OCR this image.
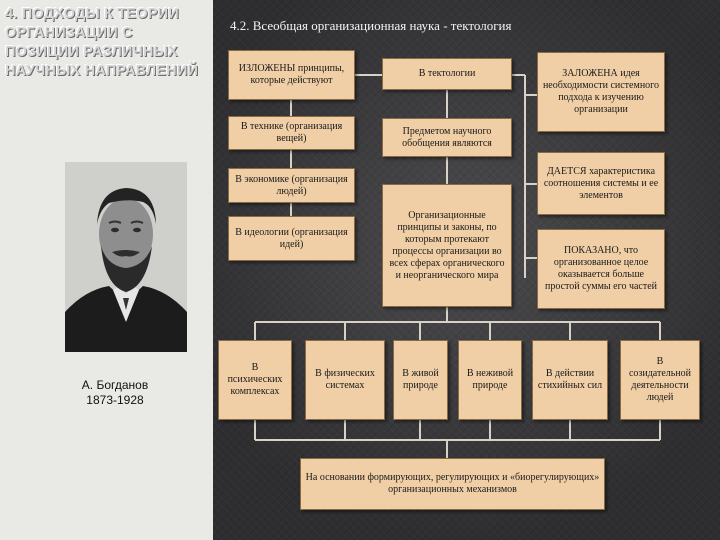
4. ПОДХОДЫ К ТЕОРИИ ОРГАНИЗАЦИИ С ПОЗИЦИИ РАЗЛИЧНЫХ НАУЧНЫХ НАПРАВЛЕНИЙ
А. Богданов
1873-1928
4.2. Всеобщая организационная наука - тектология
ИЗЛОЖЕНЫ принципы, которые действуют
В технике (организация вещей)
В экономике (организация людей)
В идеологии (организация идей)
В тектологии
Предметом научного обобщения являются
Организационные принципы и законы, по которым протекают процессы организации во всех сферах органического и неорганического мира
ЗАЛОЖЕНА идея необходимости системного подхода к изучению организации
ДАЕТСЯ характеристика соотношения системы и ее элементов
ПОКАЗАНО, что организованное целое оказывается больше простой суммы его частей
В психических комплексах
В физических системах
В живой природе
В неживой природе
В действии стихийных сил
В созидательной деятельности людей
На основании формирующих, регулирующих и «биорегулирующих» организационных механизмов
